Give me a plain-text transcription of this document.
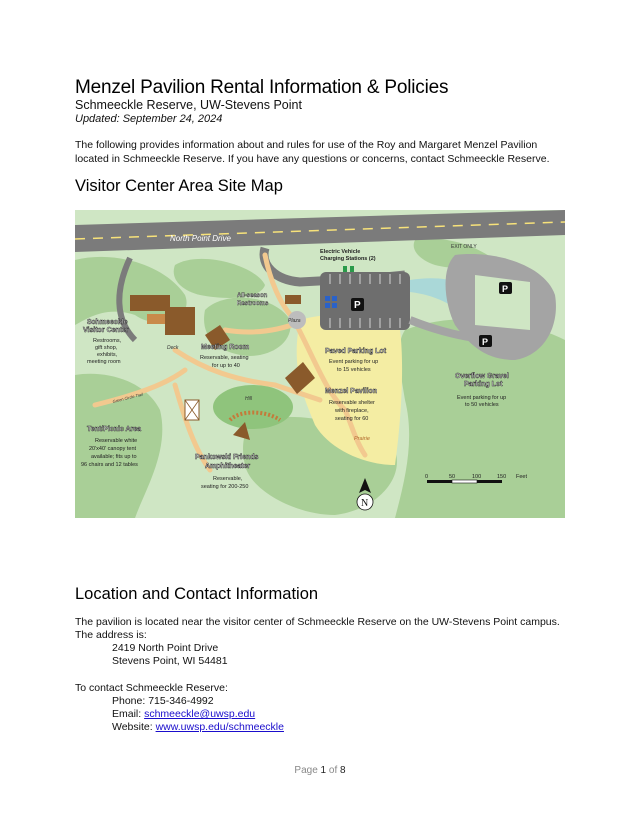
Menzel Pavilion Rental Information & Policies
Schmeeckle Reserve, UW-Stevens Point
Updated: September 24, 2024
The following provides information about and rules for use of the Roy and Margaret Menzel Pavilion located in Schmeeckle Reserve. If you have any questions or concerns, contact Schmeeckle Reserve.
Visitor Center Area Site Map
Location and Contact Information
The pavilion is located near the visitor center of Schmeeckle Reserve on the UW-Stevens Point campus. The address is:
2419 North Point Drive
Stevens Point, WI 54481
To contact Schmeeckle Reserve:
Phone: 715-346-4992
Email: schmeeckle@uwsp.edu
Website: www.uwsp.edu/schmeeckle
North Point Drive
EXIT ONLY
Electric Vehicle
Charging Stations (2)
All-season
Restrooms
Plaza
Schmeeckle
Visitor Center
Restrooms,
gift shop,
exhibits,
meeting room
Deck	Meeting Room
Reservable, seating
for up to 40
Paved Parking Lot
Event parking for up
to 15 vehicles
Overflow Gravel
Parking Lot
Event parking for up
to 50 vehicles
Green Circle Trail	Hill
Menzel Pavilion
Reservable shelter
with fireplace,
seating for 60
Tent/Picnic Area
Reservable white
20'x40' canopy tent
available; fits up to
96 chairs and 12 tables
Pankowski Friends
Amphitheater
Reservable,
seating for 200-250
Prairie
P
P
P
0	50	100	150 Feet
N
Page 1 of 8
